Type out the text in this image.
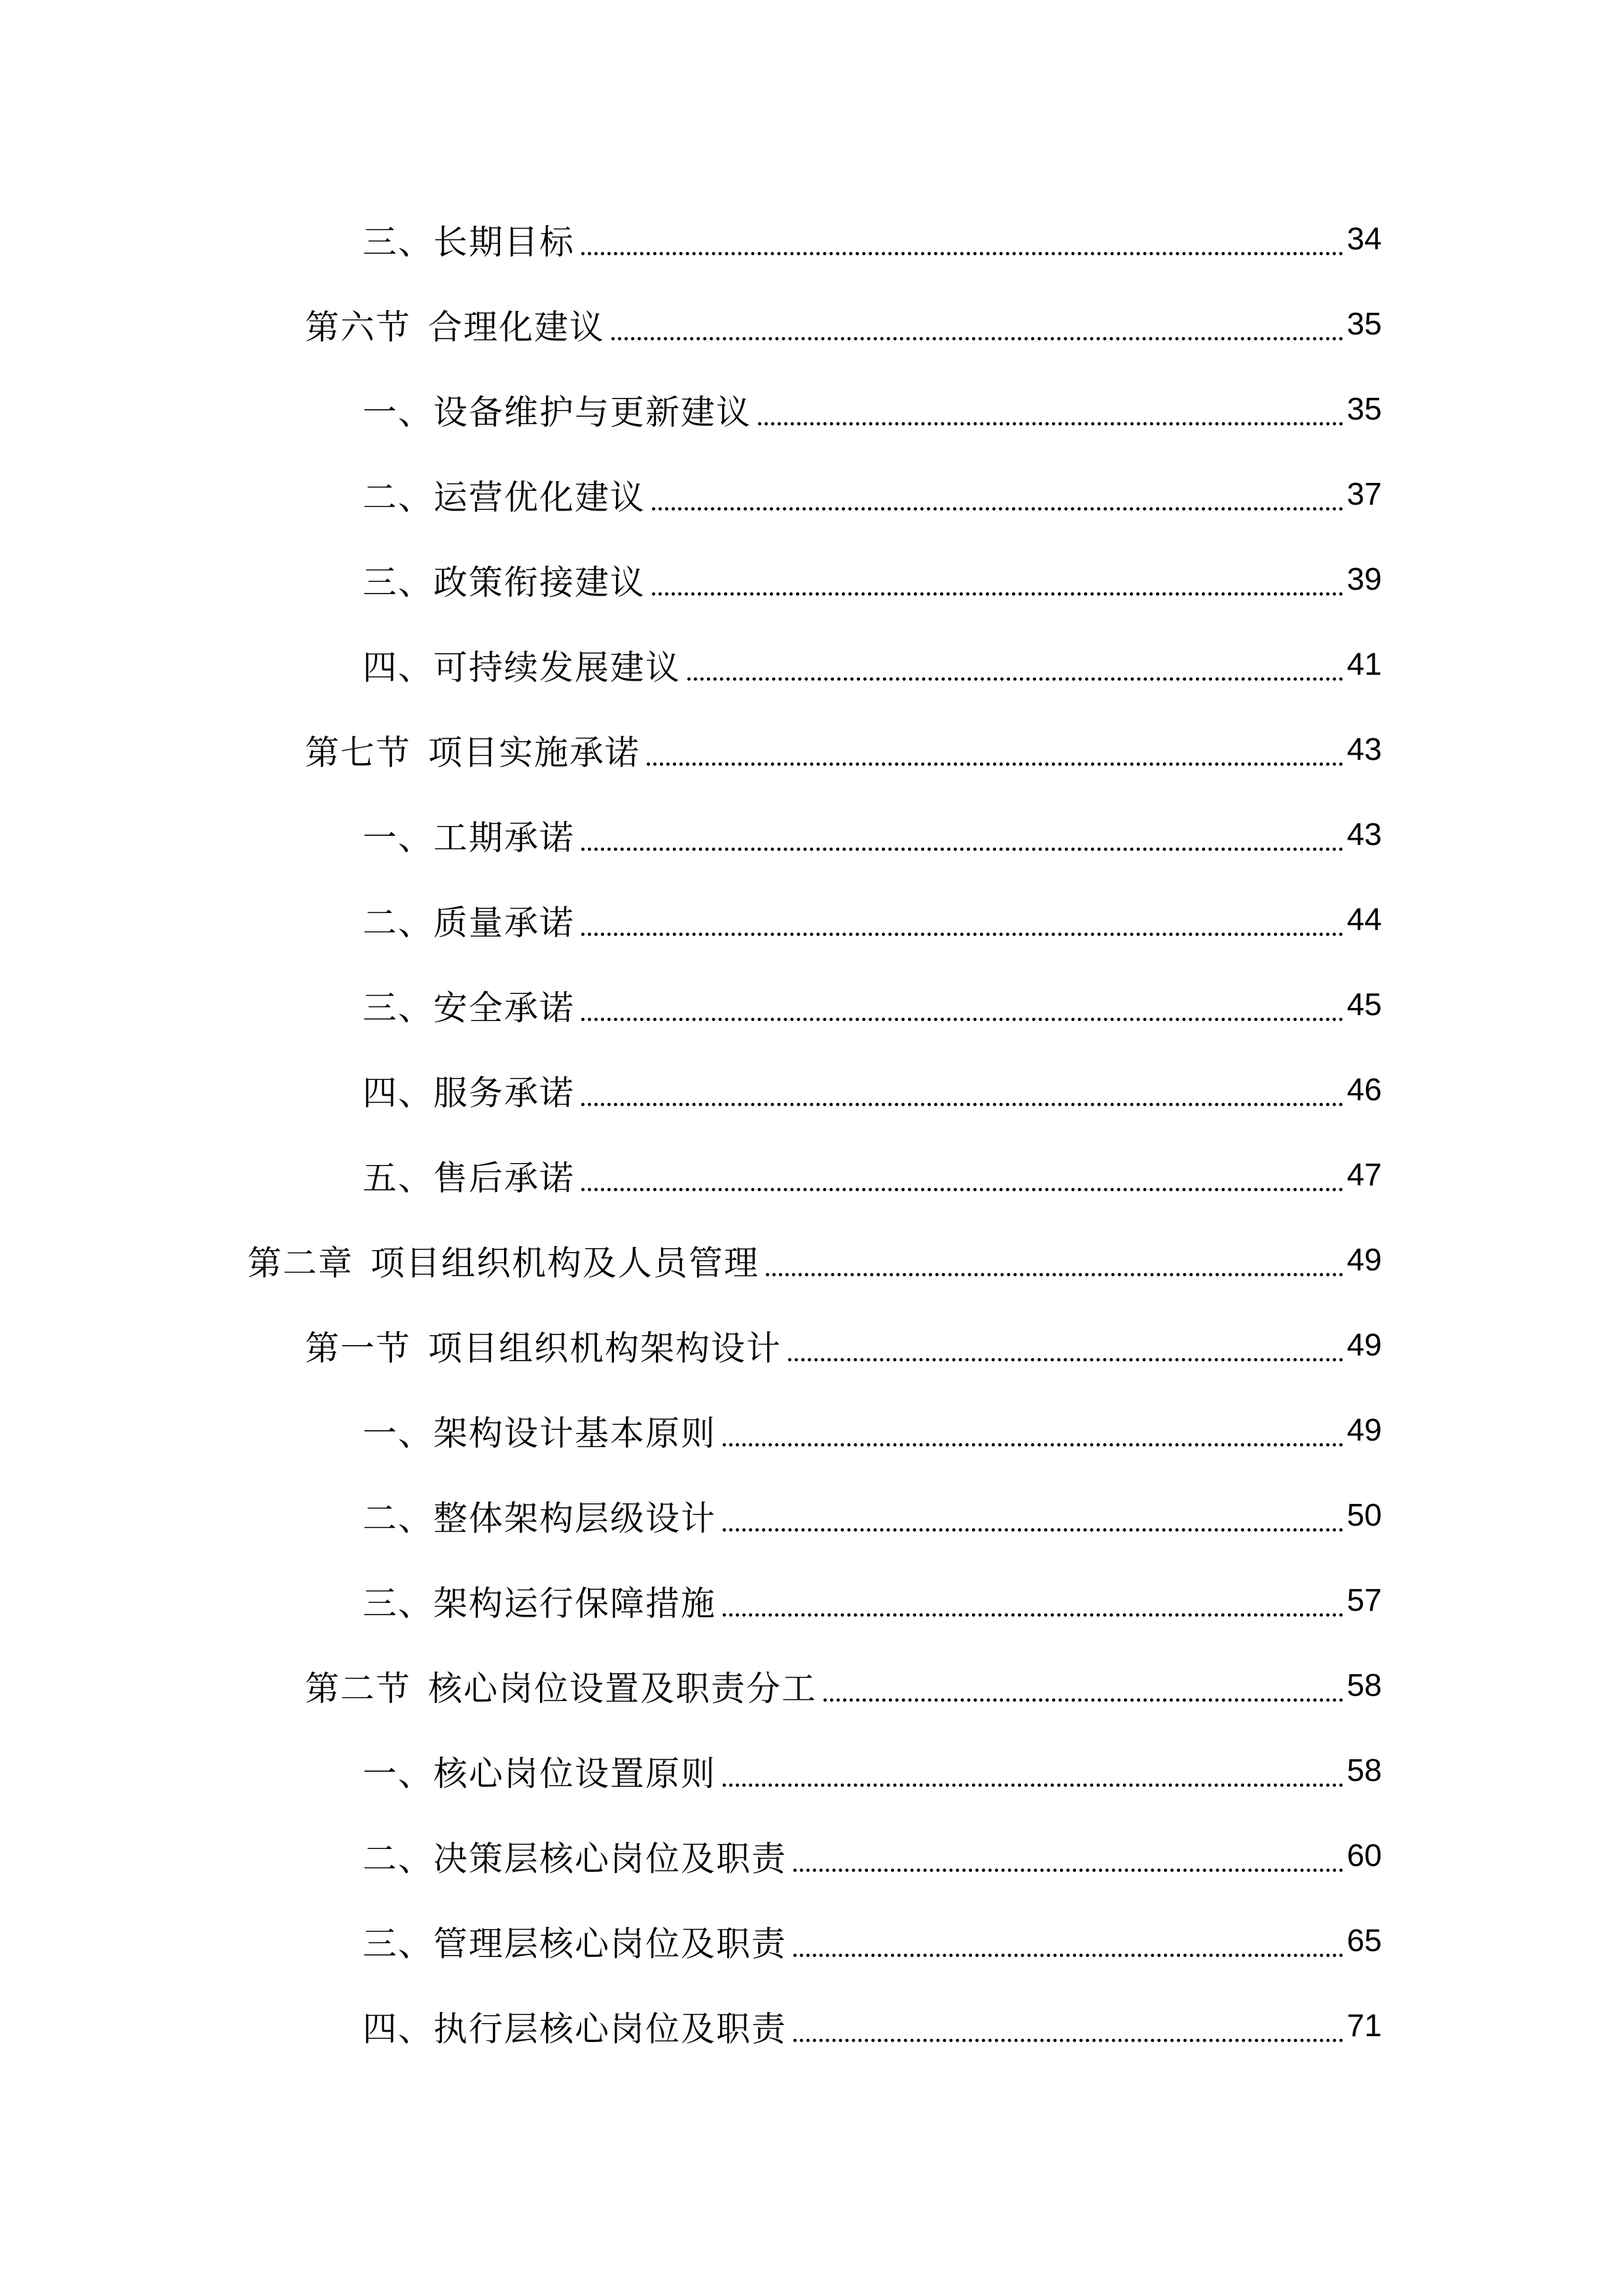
三、长期目标	34
第六节 合理化建议	35
一、设备维护与更新建议	35
二、运营优化建议	37
三、政策衔接建议	39
四、可持续发展建议	41
第七节 项目实施承诺	43
一、工期承诺	43
二、质量承诺	44
三、安全承诺	45
四、服务承诺	46
五、售后承诺	47
第二章 项目组织机构及人员管理	49
第一节 项目组织机构架构设计	49
一、架构设计基本原则	49
二、整体架构层级设计	50
三、架构运行保障措施	57
第二节 核心岗位设置及职责分工	58
一、核心岗位设置原则	58
二、决策层核心岗位及职责	60
三、管理层核心岗位及职责	65
四、执行层核心岗位及职责	71
